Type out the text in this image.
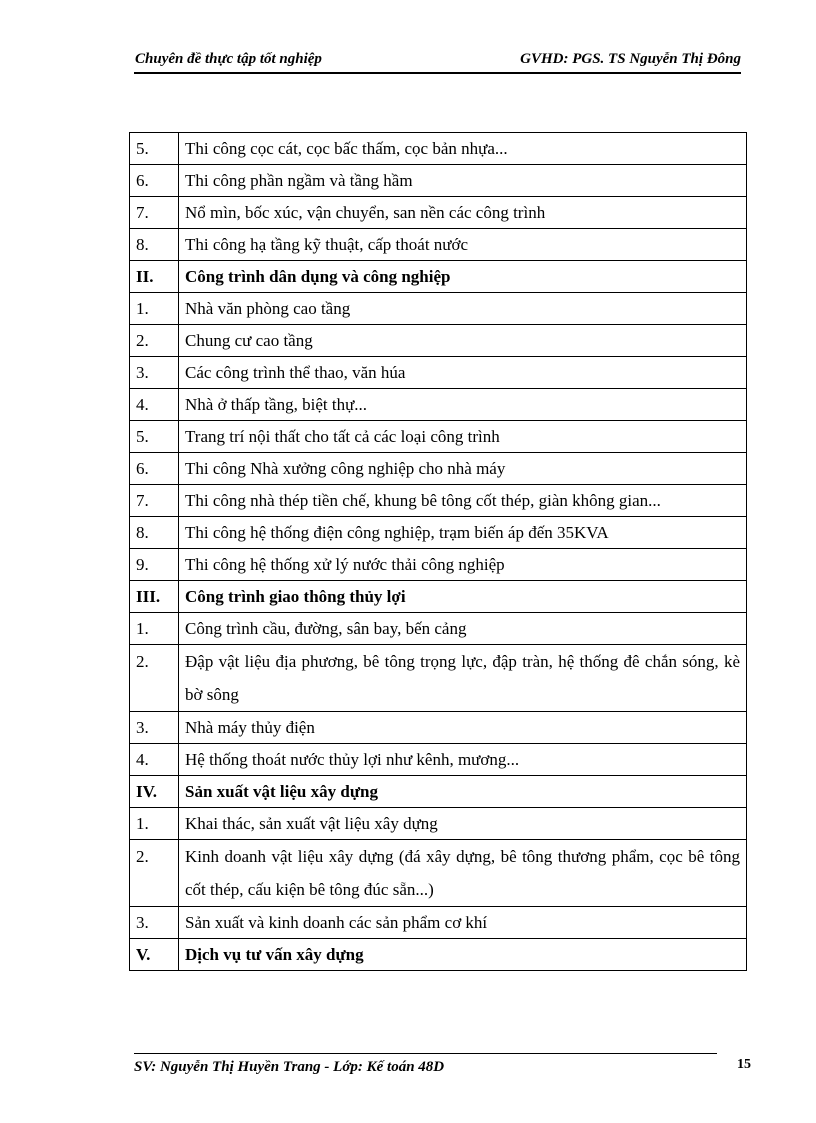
Chuyên đề thực tập tốt nghiệp	GVHD: PGS. TS Nguyễn Thị Đông
5.	Thi công cọc cát, cọc bấc thấm, cọc bản nhựa...
6.	Thi công phần ngầm và tầng hầm
7.	Nổ mìn, bốc xúc, vận chuyển, san nền các công trình
8.	Thi công hạ tầng kỹ thuật, cấp thoát nước
II.	Công trình dân dụng và công nghiệp
1.	Nhà văn phòng cao tầng
2.	Chung cư cao tầng
3.	Các công trình thể thao, văn húa
4.	Nhà ở thấp tầng, biệt thự...
5.	Trang trí nội thất cho tất cả các loại công trình
6.	Thi công Nhà xưởng công nghiệp cho nhà máy
7.	Thi công nhà thép tiền chế, khung bê tông cốt thép, giàn không gian...
8.	Thi công hệ thống điện công nghiệp, trạm biến áp đến 35KVA
9.	Thi công hệ thống xử lý nước thải công nghiệp
III.	Công trình giao thông thủy lợi
1.	Công trình cầu, đường, sân bay, bến cảng
2.	Đập vật liệu địa phương, bê tông trọng lực, đập tràn, hệ thống đê chắn sóng, kè bờ sông
3.	Nhà máy thủy điện
4.	Hệ thống thoát nước thủy lợi như kênh, mương...
IV.	Sản xuất vật liệu xây dựng
1.	Khai thác, sản xuất vật liệu xây dựng
2.	Kinh doanh vật liệu xây dựng (đá xây dựng, bê tông thương phẩm, cọc bê tông cốt thép, cấu kiện bê tông đúc sẵn...)
3.	Sản xuất và kinh doanh các sản phẩm cơ khí
V.	Dịch vụ tư vấn xây dựng
SV: Nguyễn Thị Huyền Trang - Lớp: Kế toán 48D	15
